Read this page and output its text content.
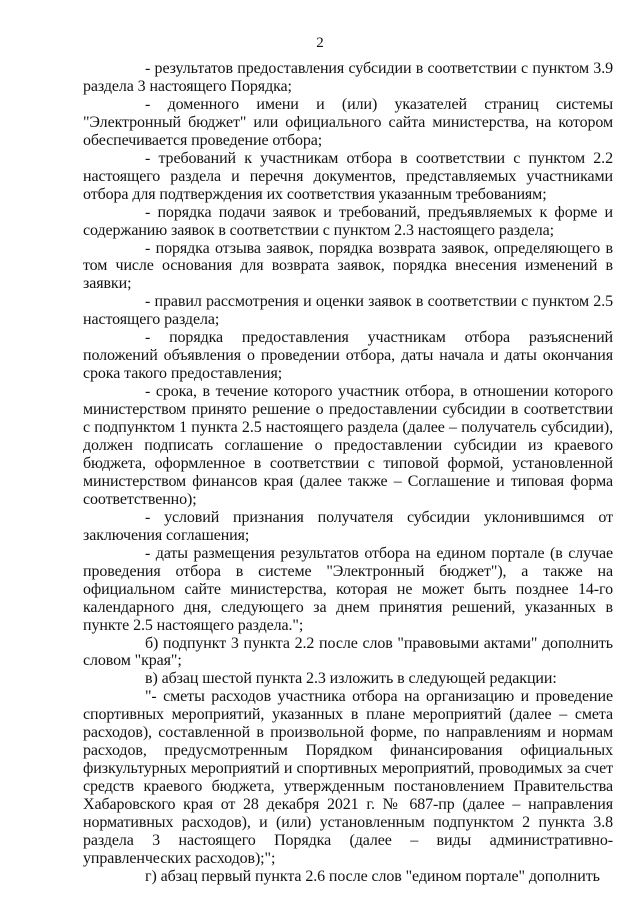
2

- результатов предоставления субсидии в соответствии с пунктом 3.9 раздела 3 настоящего Порядка;

- доменного имени и (или) указателей страниц системы "Электронный бюджет" или официального сайта министерства, на котором обеспечивается проведение отбора;

- требований к участникам отбора в соответствии с пунктом 2.2 настоящего раздела и перечня документов, представляемых участниками отбора для подтверждения их соответствия указанным требованиям;

- порядка подачи заявок и требований, предъявляемых к форме и содержанию заявок в соответствии с пунктом 2.3 настоящего раздела;

- порядка отзыва заявок, порядка возврата заявок, определяющего в том числе основания для возврата заявок, порядка внесения изменений в заявки;

- правил рассмотрения и оценки заявок в соответствии с пунктом 2.5 настоящего раздела;

- порядка предоставления участникам отбора разъяснений положений объявления о проведении отбора, даты начала и даты окончания срока такого предоставления;

- срока, в течение которого участник отбора, в отношении которого министерством принято решение о предоставлении субсидии в соответствии с подпунктом 1 пункта 2.5 настоящего раздела (далее – получатель субсидии), должен подписать соглашение о предоставлении субсидии из краевого бюджета, оформленное в соответствии с типовой формой, установленной министерством финансов края (далее также – Соглашение и типовая форма соответственно);

- условий признания получателя субсидии уклонившимся от заключения соглашения;

- даты размещения результатов отбора на едином портале (в случае проведения отбора в системе "Электронный бюджет"), а также на официальном сайте министерства, которая не может быть позднее 14-го календарного дня, следующего за днем принятия решений, указанных в пункте 2.5 настоящего раздела.";

б) подпункт 3 пункта 2.2 после слов "правовыми актами" дополнить словом "края";

в) абзац шестой пункта 2.3 изложить в следующей редакции:

"- сметы расходов участника отбора на организацию и проведение спортивных мероприятий, указанных в плане мероприятий (далее – смета расходов), составленной в произвольной форме, по направлениям и нормам расходов, предусмотренным Порядком финансирования официальных физкультурных мероприятий и спортивных мероприятий, проводимых за счет средств краевого бюджета, утвержденным постановлением Правительства Хабаровского края от 28 декабря 2021 г. № 687-пр (далее – направления нормативных расходов), и (или) установленным подпунктом 2 пункта 3.8 раздела 3 настоящего Порядка (далее – виды административно-управленческих расходов);";

г) абзац первый пункта 2.6 после слов "едином портале" дополнить
